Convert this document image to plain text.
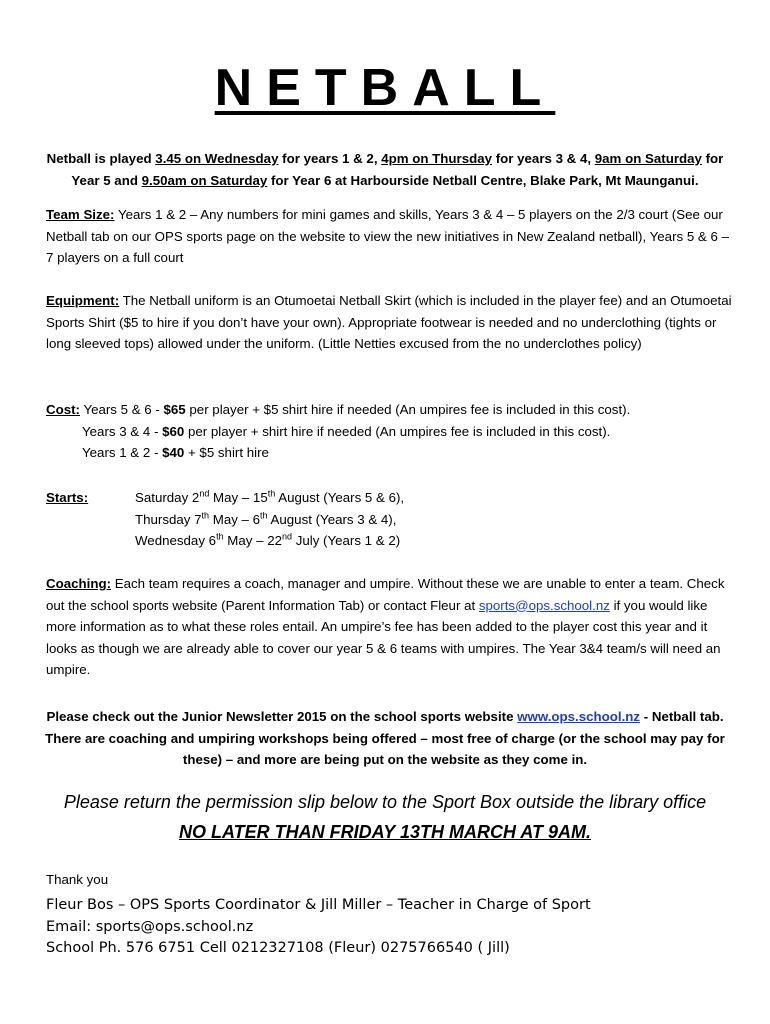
NETBALL
Netball is played 3.45 on Wednesday for years 1 & 2, 4pm on Thursday for years 3 & 4, 9am on Saturday for Year 5 and 9.50am on Saturday for Year 6 at Harbourside Netball Centre, Blake Park, Mt Maunganui.
Team Size: Years 1 & 2 – Any numbers for mini games and skills, Years 3 & 4 – 5 players on the 2/3 court (See our Netball tab on our OPS sports page on the website to view the new initiatives in New Zealand netball), Years 5 & 6 – 7 players on a full court
Equipment: The Netball uniform is an Otumoetai Netball Skirt (which is included in the player fee) and an Otumoetai Sports Shirt ($5 to hire if you don’t have your own). Appropriate footwear is needed and no underclothing (tights or long sleeved tops) allowed under the uniform. (Little Netties excused from the no underclothes policy)
Cost: Years 5 & 6 - $65 per player + $5 shirt hire if needed (An umpires fee is included in this cost).
Years 3 & 4 - $60 per player + shirt hire if needed (An umpires fee is included in this cost).
Years 1 & 2 - $40 + $5 shirt hire
Starts:	Saturday 2nd May – 15th August (Years 5 & 6),
Thursday 7th May – 6th August (Years 3 & 4),
Wednesday 6th May – 22nd July (Years 1 & 2)
Coaching: Each team requires a coach, manager and umpire. Without these we are unable to enter a team. Check out the school sports website (Parent Information Tab) or contact Fleur at sports@ops.school.nz if you would like more information as to what these roles entail. An umpire’s fee has been added to the player cost this year and it looks as though we are already able to cover our year 5 & 6 teams with umpires. The Year 3&4 team/s will need an umpire.
Please check out the Junior Newsletter 2015 on the school sports website www.ops.school.nz - Netball tab. There are coaching and umpiring workshops being offered – most free of charge (or the school may pay for these) – and more are being put on the website as they come in.
Please return the permission slip below to the Sport Box outside the library office
NO LATER THAN FRIDAY 13TH MARCH AT 9AM.
Thank you
Fleur Bos – OPS Sports Coordinator & Jill Miller – Teacher in Charge of Sport
Email: sports@ops.school.nz
School Ph. 576 6751 Cell 0212327108 (Fleur) 0275766540 ( Jill)
